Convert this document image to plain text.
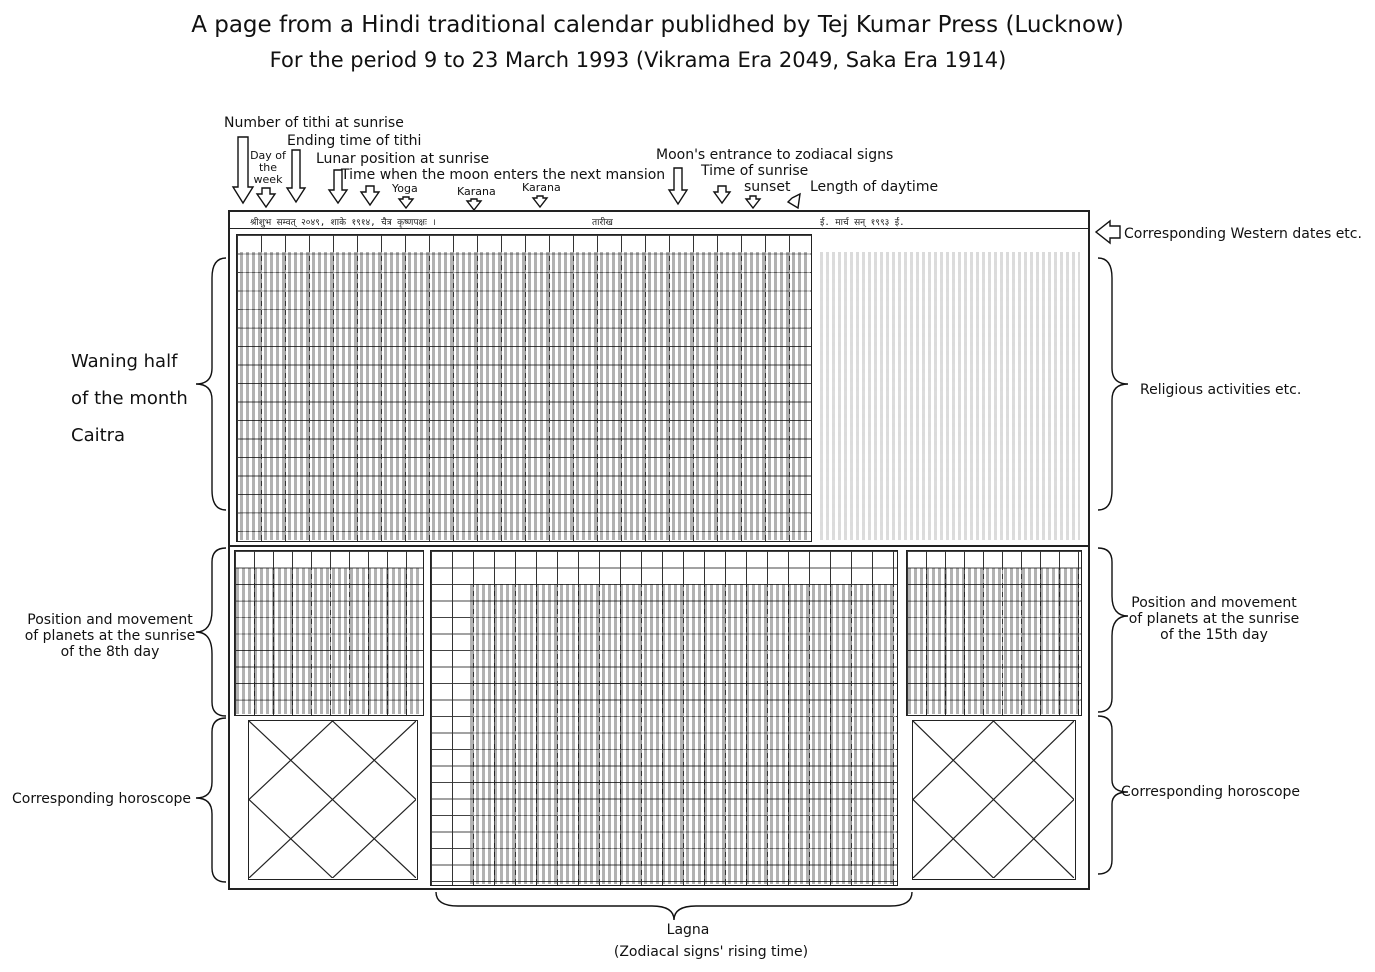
A page from a Hindi traditional calendar publidhed by Tej Kumar Press (Lucknow)
For the period 9 to 23 March 1993 (Vikrama Era 2049, Saka Era 1914)
Number of tithi at sunrise
Ending time of tithi
Day of the week
Lunar position at sunrise
Time when the moon enters the next mansion
Yoga	Karana Karana
Moon's entrance to zodiacal signs
Time of sunrise
sunset Length of daytime
Corresponding Western dates etc.
Waning half
of the month
Caitra
Religious activities etc.
Position and movement of planets at the sunrise of the 8th day
Position and movement of planets at the sunrise of the 15th day
Corresponding horoscope	Corresponding horoscope
Lagna
(Zodiacal signs' rising time)
श्रीशुभ सम्वत् २०४९, शाके १९१४, चैत्र कृष्णपक्षः ।	तारीख	ई. मार्च सन् १९९३ ई.
